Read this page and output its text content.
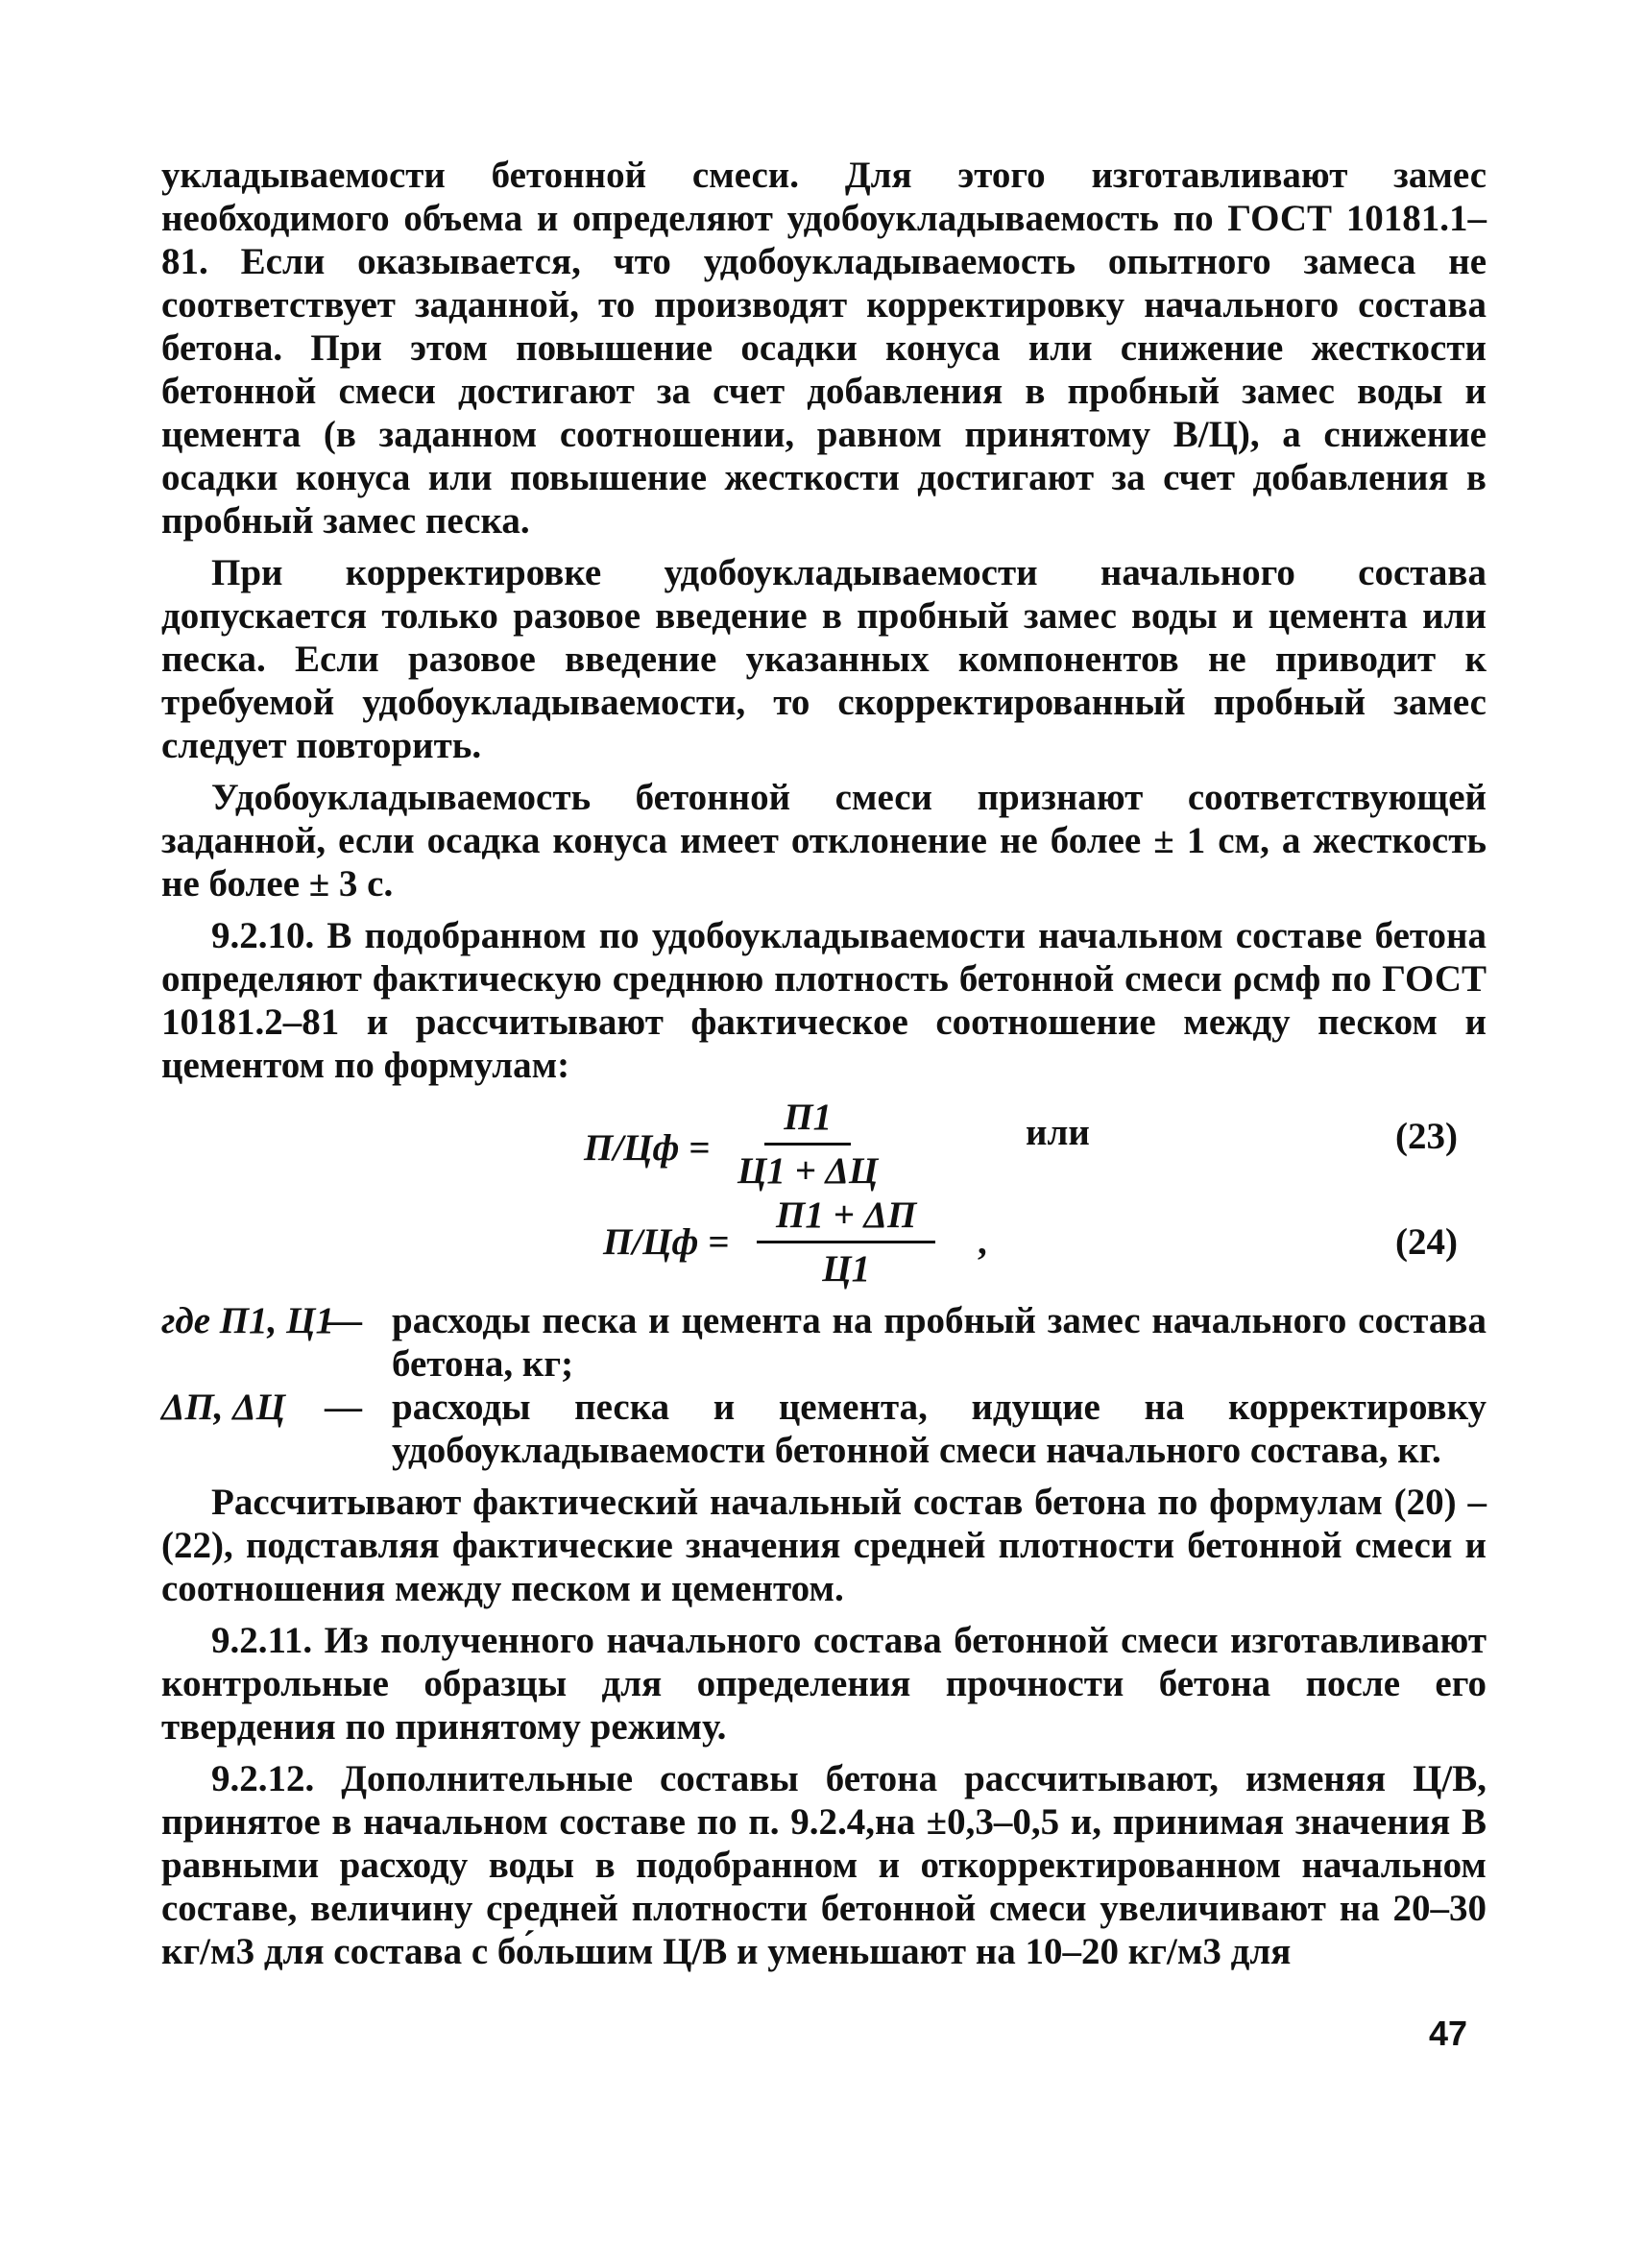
укладываемости бетонной смеси. Для этого изготавливают замес необходимого объема и определяют удобоукладываемость по ГОСТ 10181.1–81. Если оказывается, что удобоукладываемость опытного замеса не соответствует заданной, то производят корректировку начального состава бетона. При этом повышение осадки конуса или снижение жесткости бетонной смеси достигают за счет добавления в пробный замес воды и цемента (в заданном соотношении, равном принятому В/Ц), а снижение осадки конуса или повышение жесткости достигают за счет добавления в пробный замес песка.

При корректировке удобоукладываемости начального состава допускается только разовое введение в пробный замес воды и цемента или песка. Если разовое введение указанных компонентов не приводит к требуемой удобоукладываемости, то скорректированный пробный замес следует повторить.

Удобоукладываемость бетонной смеси признают соответствующей заданной, если осадка конуса имеет отклонение не более ± 1 см, а жесткость не более ± 3 с.

9.2.10. В подобранном по удобоукладываемости начальном составе бетона определяют фактическую среднюю плотность бетонной смеси ρсмф по ГОСТ 10181.2–81 и рассчитывают фактическое соотношение между песком и цементом по формулам:

П/Цф =
П1
Ц1 + ΔЦ
или	(23)
П/Цф =
П1 + ΔП
Ц1
,	(24)
где П1, Ц1
— расходы песка и цемента на пробный замес начального состава бетона, кг;
ΔП, ΔЦ	— расходы песка и цемента, идущие на корректировку удобоукладываемости бетонной смеси начального состава, кг.

Рассчитывают фактический начальный состав бетона по формулам (20) – (22), подставляя фактические значения средней плотности бетонной смеси и соотношения между песком и цементом.

9.2.11. Из полученного начального состава бетонной смеси изготавливают контрольные образцы для определения прочности бетона после его твердения по принятому режиму.

9.2.12. Дополнительные составы бетона рассчитывают, изменяя Ц/В, принятое в начальном составе по п. 9.2.4,на ±0,3–0,5 и, принимая значения В равными расходу воды в подобранном и откорректированном начальном составе, величину средней плотности бетонной смеси увеличивают на 20–30 кг/м3 для состава с бо́льшим Ц/В и уменьшают на 10–20 кг/м3 для

47
